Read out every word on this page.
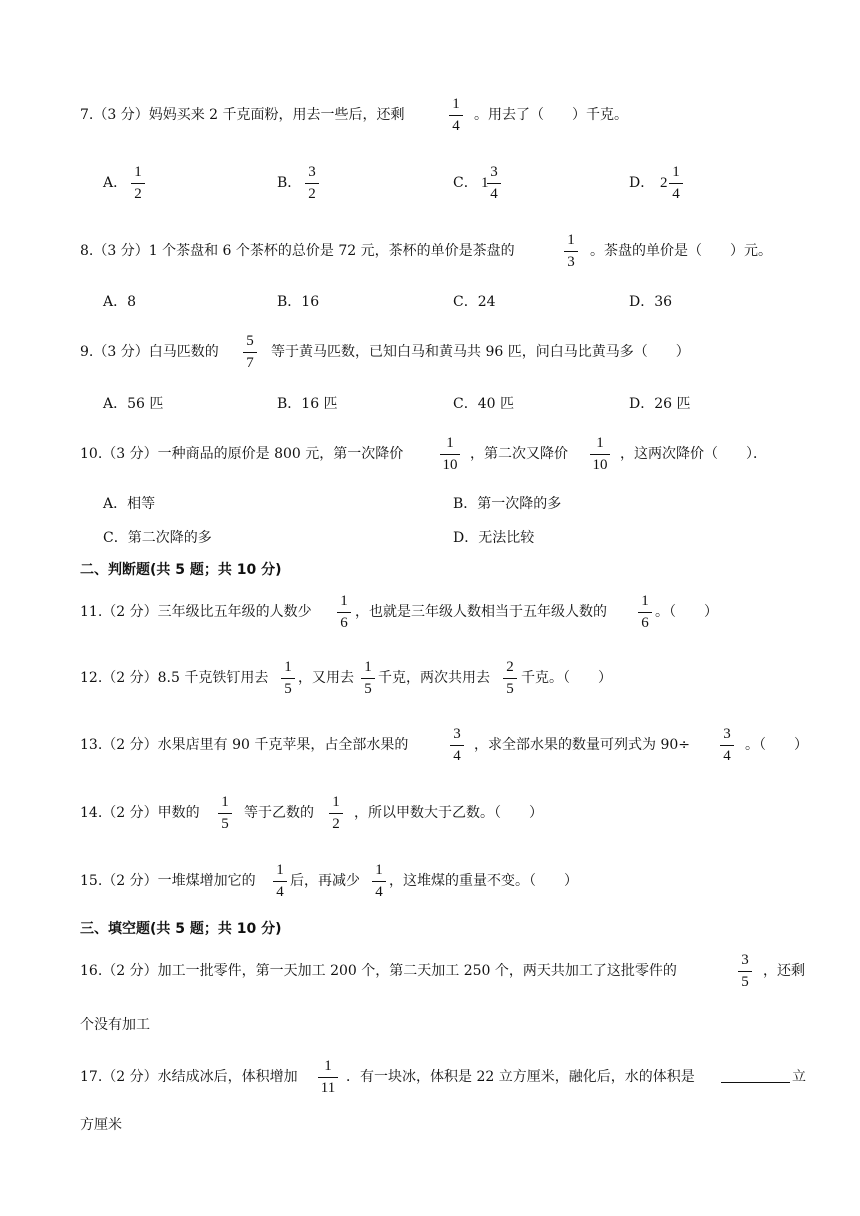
7.（3 分）妈妈买来 2 千克面粉，用去一些后，还剩
1
4
。用去了（　　）千克。
A．
1
2
B．
3
2
C． 1
3
4
D． 2
1
4
8.（3 分）1 个茶盘和 6 个茶杯的总价是 72 元，茶杯的单价是茶盘的
1
3
。茶盘的单价是（　　）元。
A．8	B．16	C．24	D．36
9.（3 分）白马匹数的
5
7
等于黄马匹数，已知白马和黄马共 96 匹，问白马比黄马多（　　）
A．56 匹	B．16 匹	C．40 匹	D．26 匹
10.（3 分）一种商品的原价是 800 元，第一次降价
1
10
，第二次又降价
1
10
，这两次降价（　　）．
A．相等	B．第一次降的多
C．第二次降的多	D．无法比较
二、判断题(共 5 题；共 10 分)
11.（2 分）三年级比五年级的人数少
1
6
，也就是三年级人数相当于五年级人数的
1
6
。（　　）
12.（2 分）8.5 千克铁钉用去
1
5
，又用去
1
5
千克，两次共用去
2
5
千克。（　　）
13.（2 分）水果店里有 90 千克苹果，占全部水果的
3
4
，求全部水果的数量可列式为 90÷
3
4
。（　　）
14.（2 分）甲数的
1
5
等于乙数的
1
2
，所以甲数大于乙数。（　　）
15.（2 分）一堆煤增加它的
1
4
后，再减少
1
4
，这堆煤的重量不变。（　　）
三、填空题(共 5 题；共 10 分)
16.（2 分）加工一批零件，第一天加工 200 个，第二天加工 250 个，两天共加工了这批零件的
3
5
，还剩
个没有加工
17.（2 分）水结成冰后，体积增加
1
11
．有一块冰，体积是 22 立方厘米，融化后，水的体积是	立
方厘米
